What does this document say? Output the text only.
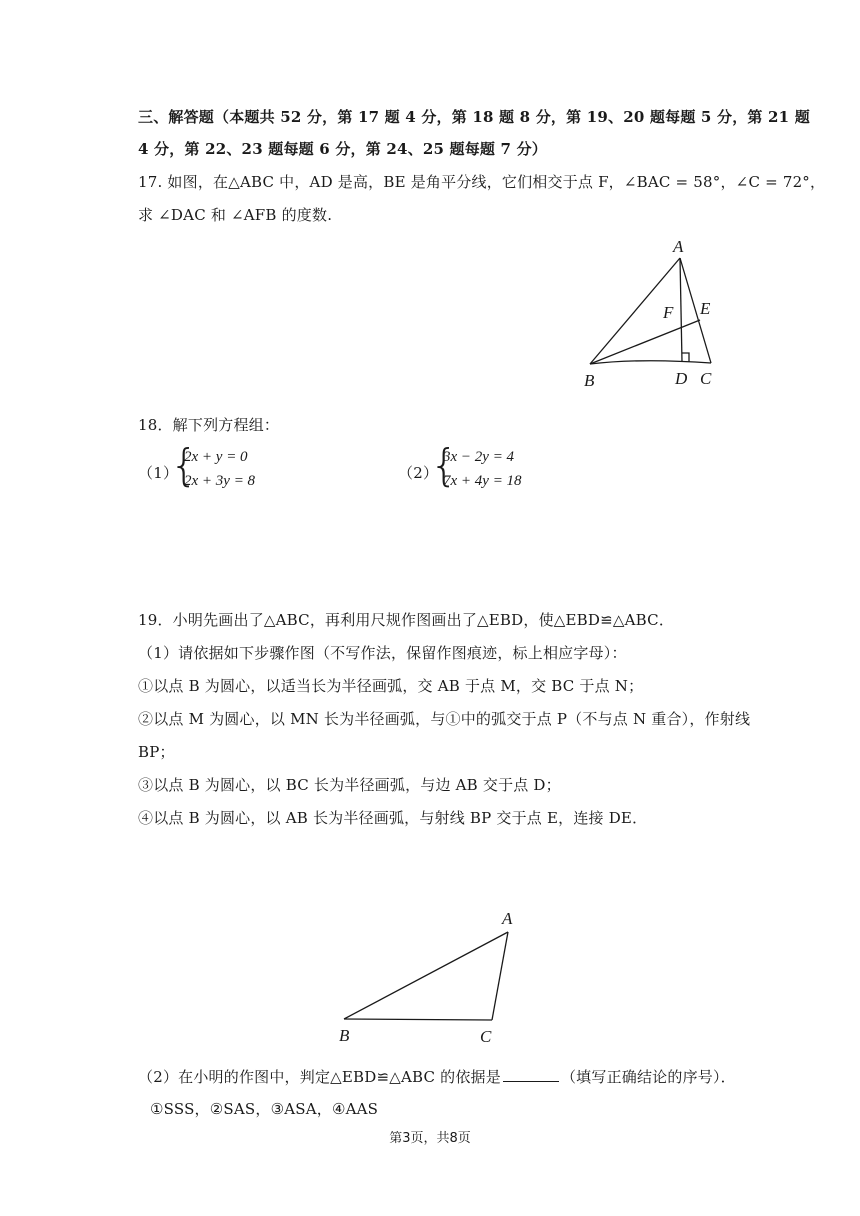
三、解答题（本题共 52 分，第 17 题 4 分，第 18 题 8 分，第 19、20 题每题 5 分，第 21 题
4 分，第 22、23 题每题 6 分，第 24、25 题每题 7 分）
17. 如图，在△ABC 中，AD 是高，BE 是角平分线，它们相交于点 F，∠BAC = 58°，∠C = 72°，
求 ∠DAC 和 ∠AFB 的度数.
A
B	C
D
E
F
A
B	C
18．解下列方程组：
（1）
{
2x + y = 0
2x + 3y = 8	（2）
{
3x − 2y = 4
7x + 4y = 18
19．小明先画出了△ABC，再利用尺规作图画出了△EBD，使△EBD≌△ABC．
（1）请依据如下步骤作图（不写作法，保留作图痕迹，标上相应字母）：
①以点 B 为圆心，以适当长为半径画弧，交 AB 于点 M，交 BC 于点 N；
②以点 M 为圆心，以 MN 长为半径画弧，与①中的弧交于点 P（不与点 N 重合），作射线
BP；
③以点 B 为圆心，以 BC 长为半径画弧，与边 AB 交于点 D；
④以点 B 为圆心，以 AB 长为半径画弧，与射线 BP 交于点 E，连接 DE．
（2）在小明的作图中，判定△EBD≌△ABC 的依据是	（填写正确结论的序号）．
①SSS，②SAS，③ASA，④AAS
第3页，共8页
